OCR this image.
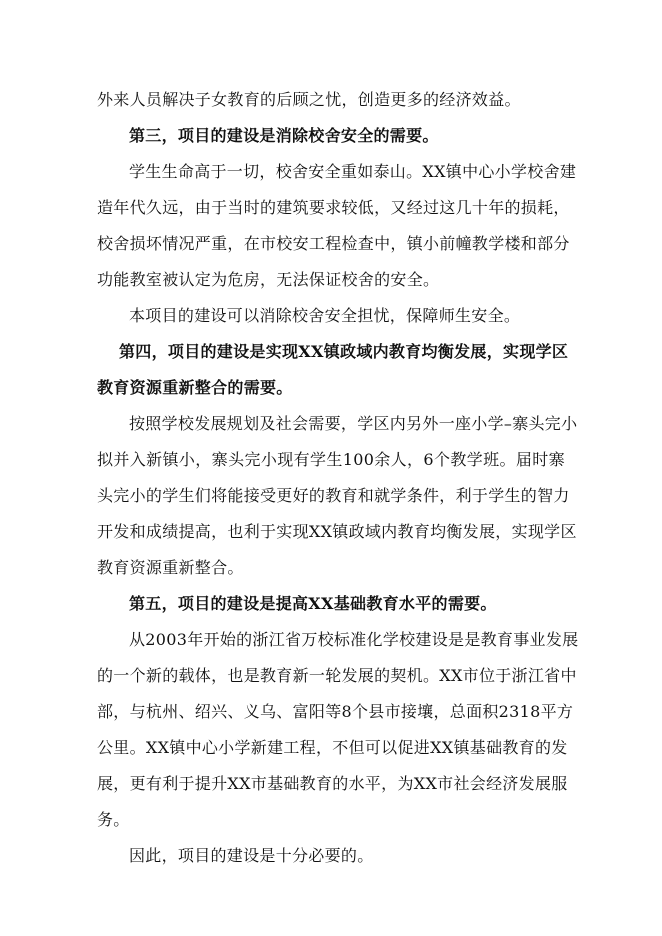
外来人员解决子女教育的后顾之忧，创造更多的经济效益。
第三，项目的建设是消除校舍安全的需要。
学生生命高于一切，校舍安全重如泰山。XX镇中心小学校舍建
造年代久远，由于当时的建筑要求较低，又经过这几十年的损耗，
校舍损坏情况严重，在市校安工程检查中，镇小前幢教学楼和部分
功能教室被认定为危房，无法保证校舍的安全。
本项目的建设可以消除校舍安全担忧，保障师生安全。
第四，项目的建设是实现XX镇政域内教育均衡发展，实现学区
教育资源重新整合的需要。
按照学校发展规划及社会需要，学区内另外一座小学–寨头完小
拟并入新镇小，寨头完小现有学生100余人，6个教学班。届时寨
头完小的学生们将能接受更好的教育和就学条件，利于学生的智力
开发和成绩提高，也利于实现XX镇政域内教育均衡发展，实现学区
教育资源重新整合。
第五，项目的建设是提高XX基础教育水平的需要。
从2003年开始的浙江省万校标准化学校建设是是教育事业发展
的一个新的载体，也是教育新一轮发展的契机。XX市位于浙江省中
部，与杭州、绍兴、义乌、富阳等8个县市接壤，总面积2318平方
公里。XX镇中心小学新建工程，不但可以促进XX镇基础教育的发
展，更有利于提升XX市基础教育的水平，为XX市社会经济发展服
务。
因此，项目的建设是十分必要的。
